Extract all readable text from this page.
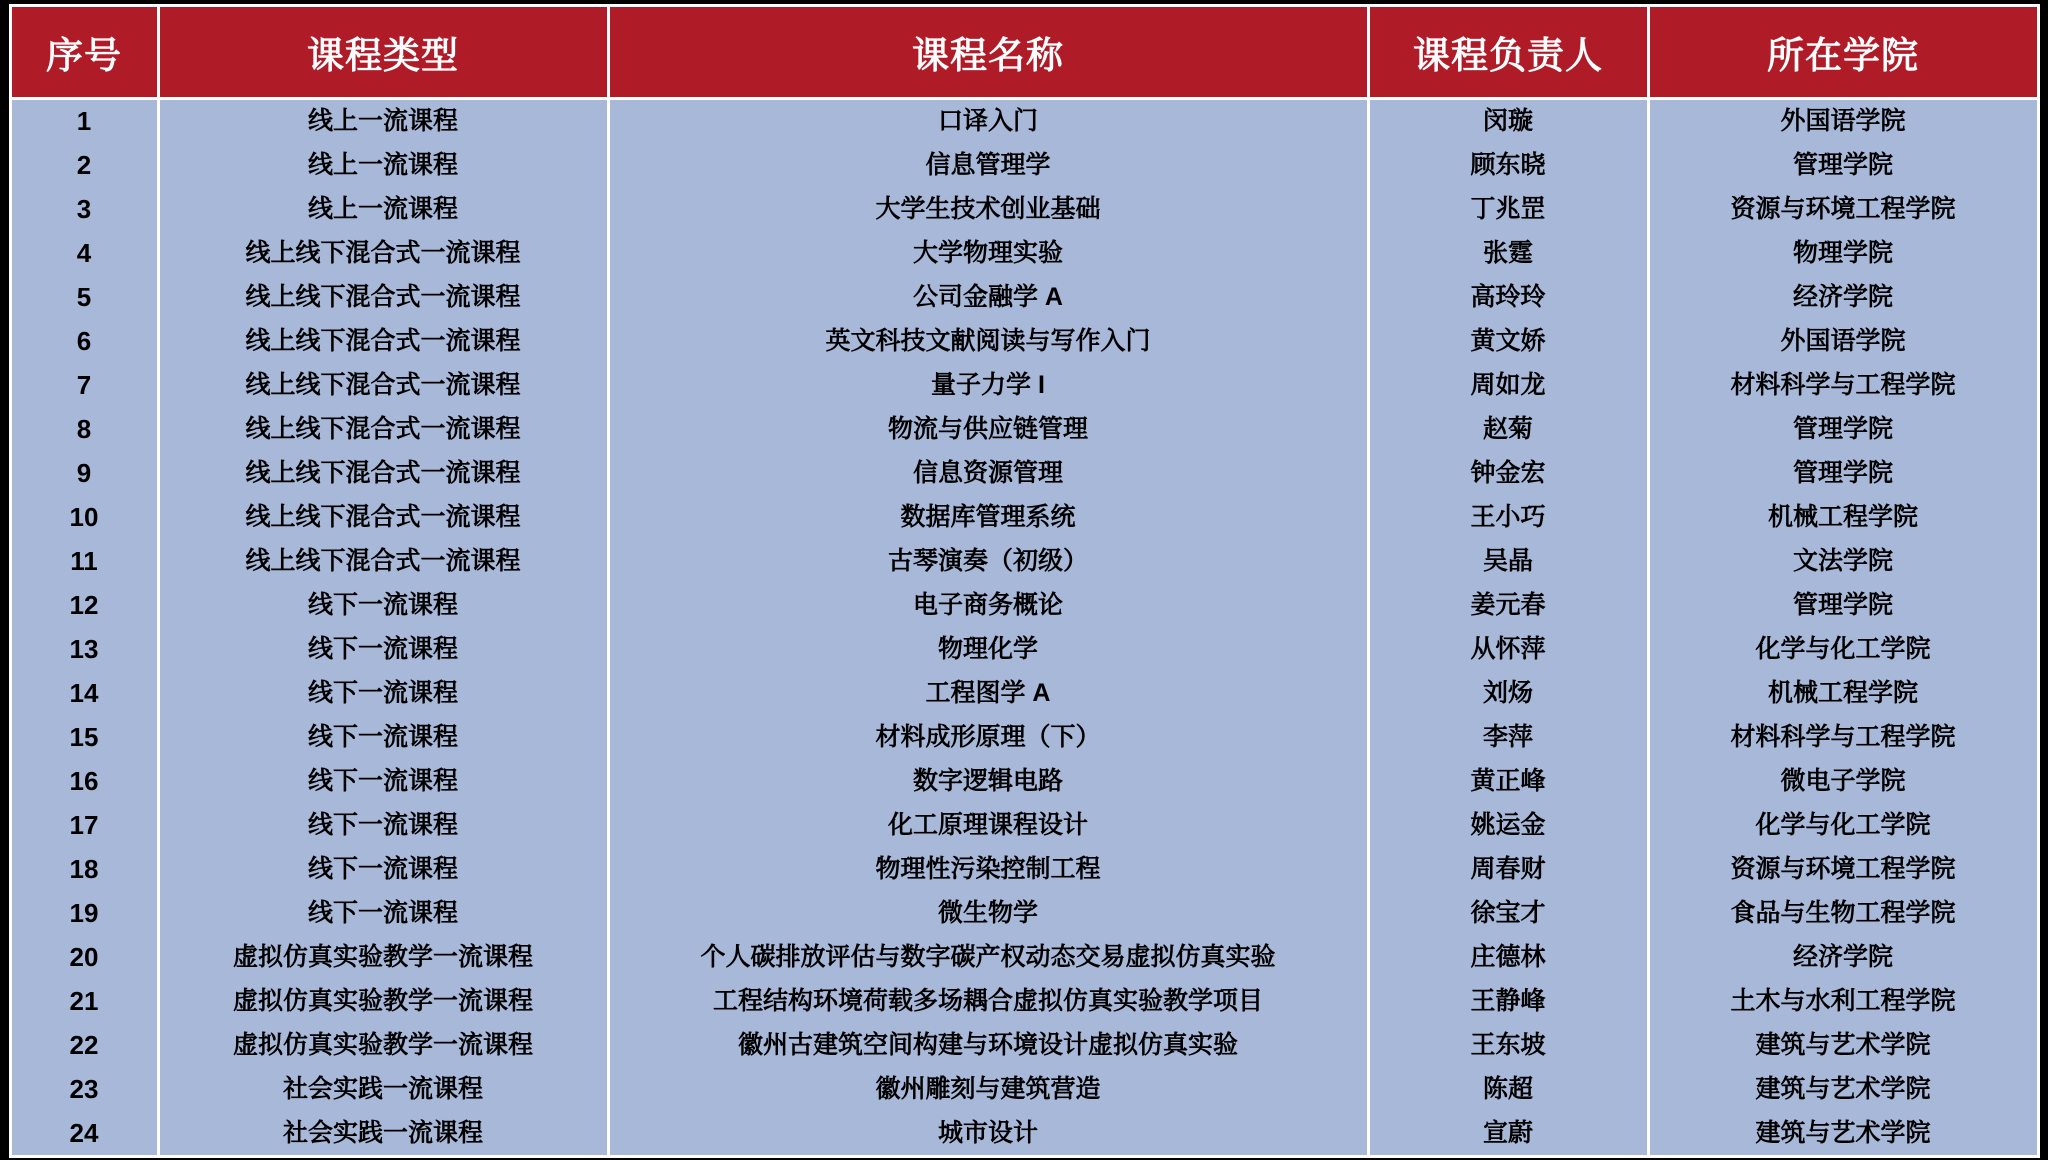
序号	课程类型	课程名称	课程负责人	所在学院
1	线上一流课程	口译入门	闵璇	外国语学院
2	线上一流课程	信息管理学	顾东晓	管理学院
3	线上一流课程	大学生技术创业基础	丁兆罡	资源与环境工程学院
4	线上线下混合式一流课程	大学物理实验	张霆	物理学院
5	线上线下混合式一流课程	公司金融学 A	高玲玲	经济学院
6	线上线下混合式一流课程	英文科技文献阅读与写作入门	黄文娇	外国语学院
7	线上线下混合式一流课程	量子力学 I	周如龙	材料科学与工程学院
8	线上线下混合式一流课程	物流与供应链管理	赵菊	管理学院
9	线上线下混合式一流课程	信息资源管理	钟金宏	管理学院
10	线上线下混合式一流课程	数据库管理系统	王小巧	机械工程学院
11	线上线下混合式一流课程	古琴演奏（初级）	吴晶	文法学院
12	线下一流课程	电子商务概论	姜元春	管理学院
13	线下一流课程	物理化学	从怀萍	化学与化工学院
14	线下一流课程	工程图学 A	刘炀	机械工程学院
15	线下一流课程	材料成形原理（下）	李萍	材料科学与工程学院
16	线下一流课程	数字逻辑电路	黄正峰	微电子学院
17	线下一流课程	化工原理课程设计	姚运金	化学与化工学院
18	线下一流课程	物理性污染控制工程	周春财	资源与环境工程学院
19	线下一流课程	微生物学	徐宝才	食品与生物工程学院
20	虚拟仿真实验教学一流课程	个人碳排放评估与数字碳产权动态交易虚拟仿真实验	庄德林	经济学院
21	虚拟仿真实验教学一流课程	工程结构环境荷载多场耦合虚拟仿真实验教学项目	王静峰	土木与水利工程学院
22	虚拟仿真实验教学一流课程	徽州古建筑空间构建与环境设计虚拟仿真实验	王东坡	建筑与艺术学院
23	社会实践一流课程	徽州雕刻与建筑营造	陈超	建筑与艺术学院
24	社会实践一流课程	城市设计	宣蔚	建筑与艺术学院
